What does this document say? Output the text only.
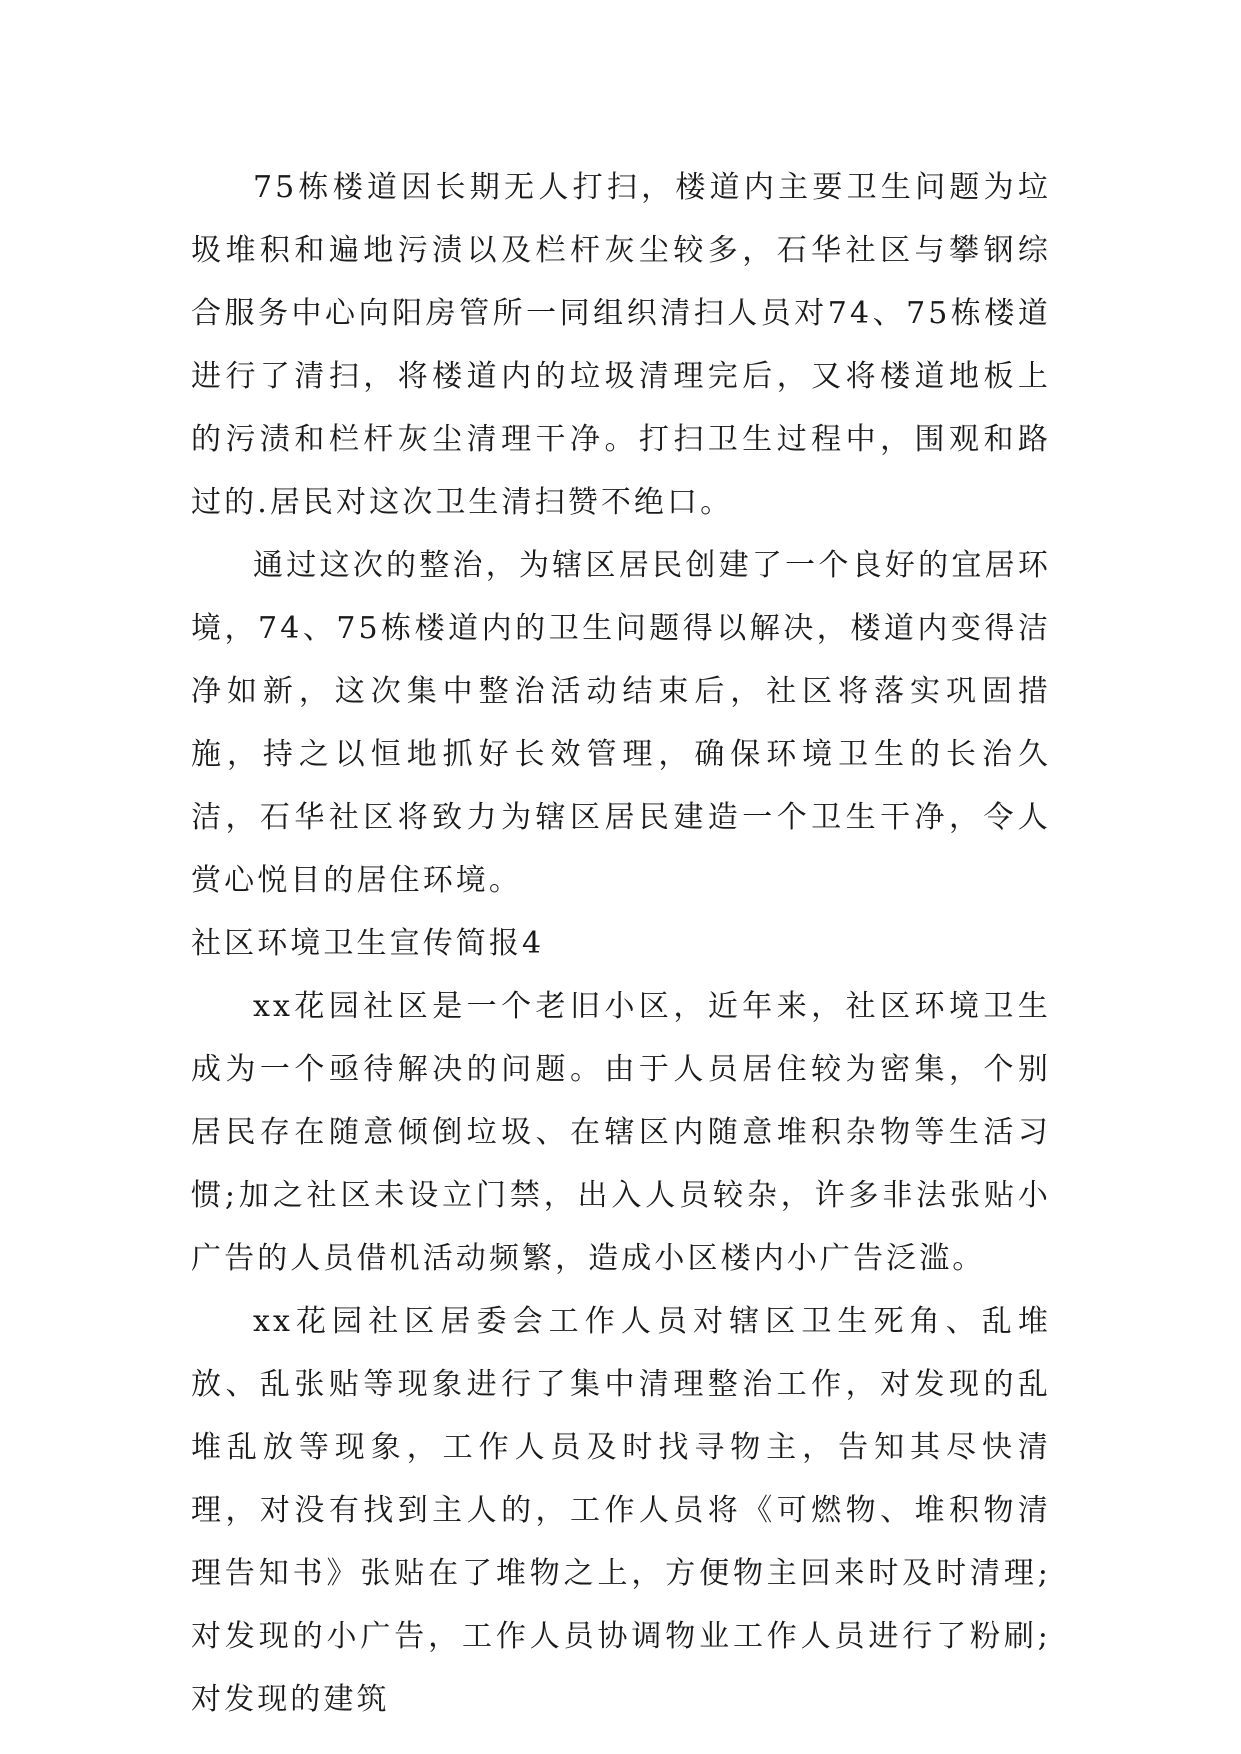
75栋楼道因长期无人打扫，楼道内主要卫生问题为垃圾堆积和遍地污渍以及栏杆灰尘较多，石华社区与攀钢综合服务中心向阳房管所一同组织清扫人员对74、75栋楼道进行了清扫，将楼道内的垃圾清理完后，又将楼道地板上的污渍和栏杆灰尘清理干净。打扫卫生过程中，围观和路过的.居民对这次卫生清扫赞不绝口。

通过这次的整治，为辖区居民创建了一个良好的宜居环境，74、75栋楼道内的卫生问题得以解决，楼道内变得洁净如新，这次集中整治活动结束后，社区将落实巩固措施，持之以恒地抓好长效管理，确保环境卫生的长治久洁，石华社区将致力为辖区居民建造一个卫生干净，令人赏心悦目的居住环境。

社区环境卫生宣传简报4

xx花园社区是一个老旧小区，近年来，社区环境卫生成为一个亟待解决的问题。由于人员居住较为密集，个别居民存在随意倾倒垃圾、在辖区内随意堆积杂物等生活习惯;加之社区未设立门禁，出入人员较杂，许多非法张贴小广告的人员借机活动频繁，造成小区楼内小广告泛滥。

xx花园社区居委会工作人员对辖区卫生死角、乱堆放、乱张贴等现象进行了集中清理整治工作，对发现的乱堆乱放等现象，工作人员及时找寻物主，告知其尽快清理，对没有找到主人的，工作人员将《可燃物、堆积物清理告知书》张贴在了堆物之上，方便物主回来时及时清理;对发现的小广告，工作人员协调物业工作人员进行了粉刷;对发现的建筑
